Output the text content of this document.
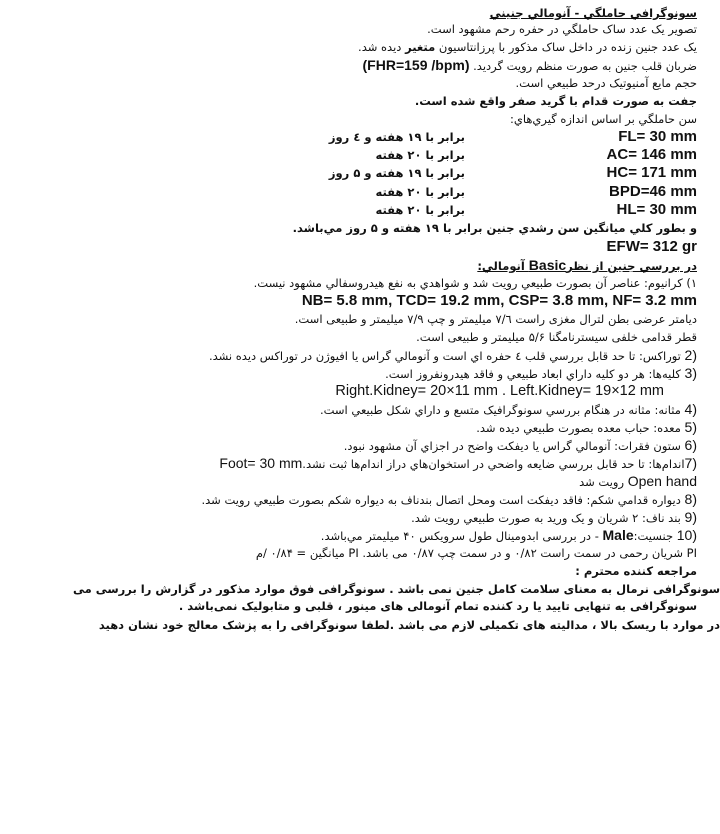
سونوگرافي حاملگي - آنومالي جنيني
تصوير يک عدد ساک حاملگي در حفره رحم مشهود است.
يک عدد جنين زنده در داخل ساک مذکور با پرزانتاسيون متغير ديده شد.
ضربان قلب جنين به صورت منظم رويت گرديد. (FHR=159 /bpm)
حجم مايع آمنيوتيک درحد طبيعي است.
جفت به صورت قدام با گريد صفر واقع شده است.
سن حاملگي بر اساس اندازه گيري‌هاي:
FL= 30 mm
برابر با ۱۹ هفته و ٤ روز
AC= 146 mm
برابر با ۲۰ هفته
HC= 171 mm
برابر با ۱۹ هفته و ۵ روز
BPD=46 mm
برابر با ۲۰ هفته
HL= 30 mm
برابر با ۲۰ هفته
و بطور كلي ميانگين سن رشدي جنين برابر با ۱۹ هفته و ۵ روز مي‌باشد.
EFW= 312 gr
در بررسي جنين از نظرBasic آنومالي:
۱) كرانيوم: عناصر آن بصورت طبيعي رويت شد و شواهدي به نفع هيدروسفالي مشهود نيست.
NB= 5.8 mm, TCD= 19.2 mm, CSP= 3.8 mm, NF= 3.2 mm
ديامتر عرضی بطن لترال مغزی راست ۷/٦ ميليمتر و چپ ۷/۹ ميليمتر و طبيعی است.
قطر قدامی خلفی سيسترنامگنا ۵/۶ ميليمتر و طبيعی است.
2) توراكس: تا حد قابل بررسي قلب ٤ حفره اي است و آنومالي گراس يا افيوژن در توراكس ديده نشد.
3) كليه‌ها: هر دو كليه داراي ابعاد طبيعي و فاقد هيدرونفروز است.
Right.Kidney= 20×11 mm . Left.Kidney= 19×12 mm
4) مثانه: مثانه در هنگام بررسي سونوگرافيک متسع و داراي شكل طبيعي است.
5) معده: حباب معده بصورت طبيعي ديده شد.
6) ستون فقرات: آنومالي گراس يا ديفكت واضح در اجزاي آن مشهود نبود.
7)اندام‌ها: تا حد قابل بررسي ضايعه واضحي در استخوان‌هاي دراز اندام‌ها ثبت نشد.Foot= 30 mm
Open hand رويت شد
8) ديواره قدامي شكم: فاقد ديفكت است ومحل اتصال بندناف به ديواره شكم بصورت طبيعي رويت شد.
9) بند ناف: ۲ شريان و يک وريد به صورت طبيعي رويت شد.
10) جنسيت:Male - در بررسی ابدومينال طول سرويکس ۴۰ ميليمتر مي‌باشد.
PI شريان رحمی در سمت راست ۰/۸۲ و در سمت چپ ۰/۸۷ می باشد. PI ميانگين = ۰/۸۴ /م
مراجعه کننده محترم :
سونوگرافی نرمال به معنای سلامت کامل جنين نمی باشد . سونوگرافی فوق موارد مذکور در گزارش را بررسی می
سونوگرافی به تنهايی تاييد يا رد کننده تمام آنومالی های مينور ، قلبی و متابوليک نمی‌باشد .
در موارد با ريسک بالا ، مداليته های تکميلی لازم می باشد .لطفا سونوگرافی را به پزشک معالج خود نشان دهيد
